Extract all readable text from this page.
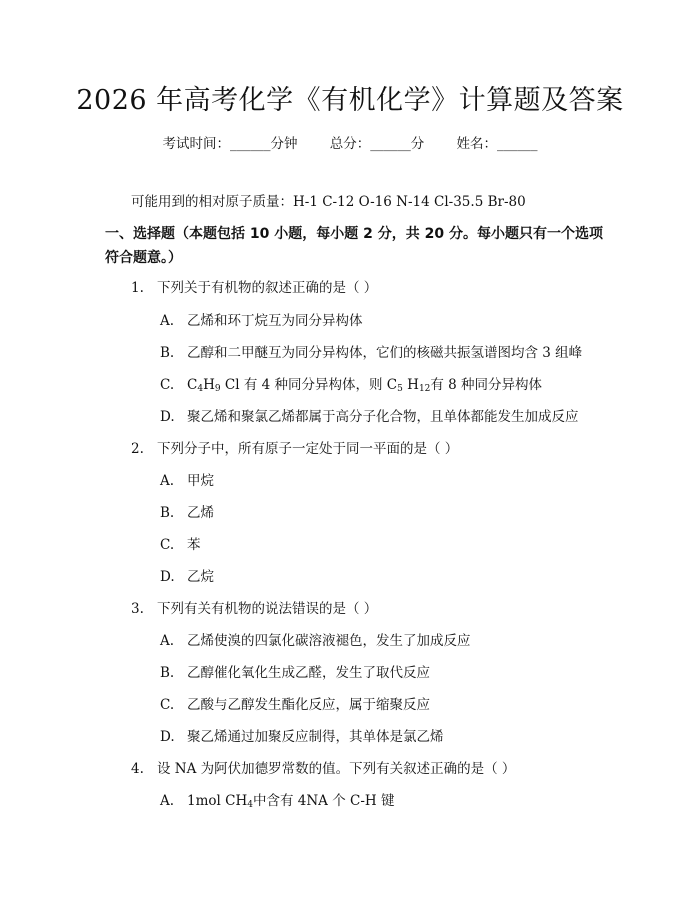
2026 年高考化学《有机化学》计算题及答案
考试时间：______分钟 总分：______分 姓名：______
可能用到的相对原子质量：H-1 C-12 O-16 N-14 Cl-35.5 Br-80
一、选择题（本题包括 10 小题，每小题 2 分，共 20 分。每小题只有一个选项符合题意。）
1. 下列关于有机物的叙述正确的是（ ）
A. 乙烯和环丁烷互为同分异构体
B. 乙醇和二甲醚互为同分异构体，它们的核磁共振氢谱图均含 3 组峰
C. $C_4H_9$ Cl 有 4 种同分异构体，则 $C_5$ $H_{12}$有 8 种同分异构体
D. 聚乙烯和聚氯乙烯都属于高分子化合物，且单体都能发生加成反应
2. 下列分子中，所有原子一定处于同一平面的是（ ）
A. 甲烷
B. 乙烯
C. 苯
D. 乙烷
3. 下列有关有机物的说法错误的是（ ）
A. 乙烯使溴的四氯化碳溶液褪色，发生了加成反应
B. 乙醇催化氧化生成乙醛，发生了取代反应
C. 乙酸与乙醇发生酯化反应，属于缩聚反应
D. 聚乙烯通过加聚反应制得，其单体是氯乙烯
4. 设 NA 为阿伏加德罗常数的值。下列有关叙述正确的是（ ）
A. 1mol $CH_4$中含有 4NA 个 C-H 键
